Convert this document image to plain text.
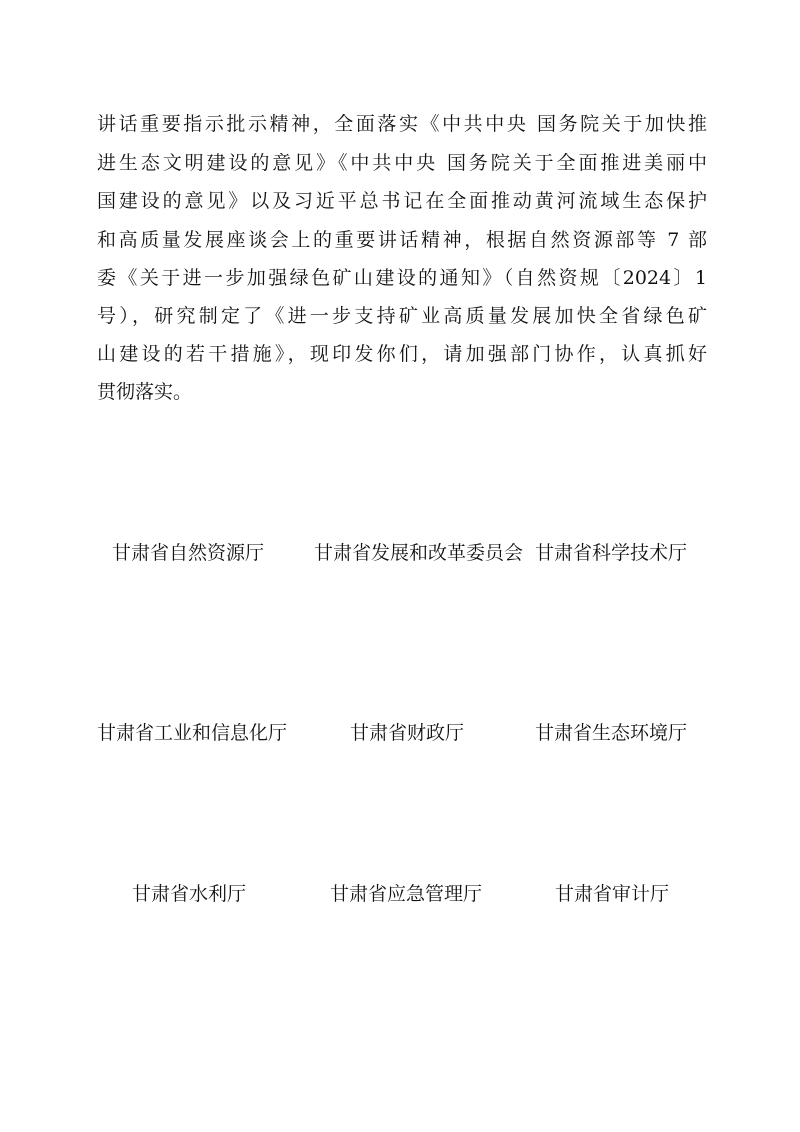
讲话重要指示批示精神，全面落实《中共中央 国务院关于加快推
进生态文明建设的意见》《中共中央 国务院关于全面推进美丽中
国建设的意见》以及习近平总书记在全面推动黄河流域生态保护
和高质量发展座谈会上的重要讲话精神，根据自然资源部等 7 部
委《关于进一步加强绿色矿山建设的通知》（自然资规〔2024〕1
号），研究制定了《进一步支持矿业高质量发展加快全省绿色矿
山建设的若干措施》，现印发你们，请加强部门协作，认真抓好
贯彻落实。
甘肃省自然资源厅	甘肃省发展和改革委员会 甘肃省科学技术厅
甘肃省工业和信息化厅	甘肃省财政厅	甘肃省生态环境厅
甘肃省水利厅	甘肃省应急管理厅	甘肃省审计厅
